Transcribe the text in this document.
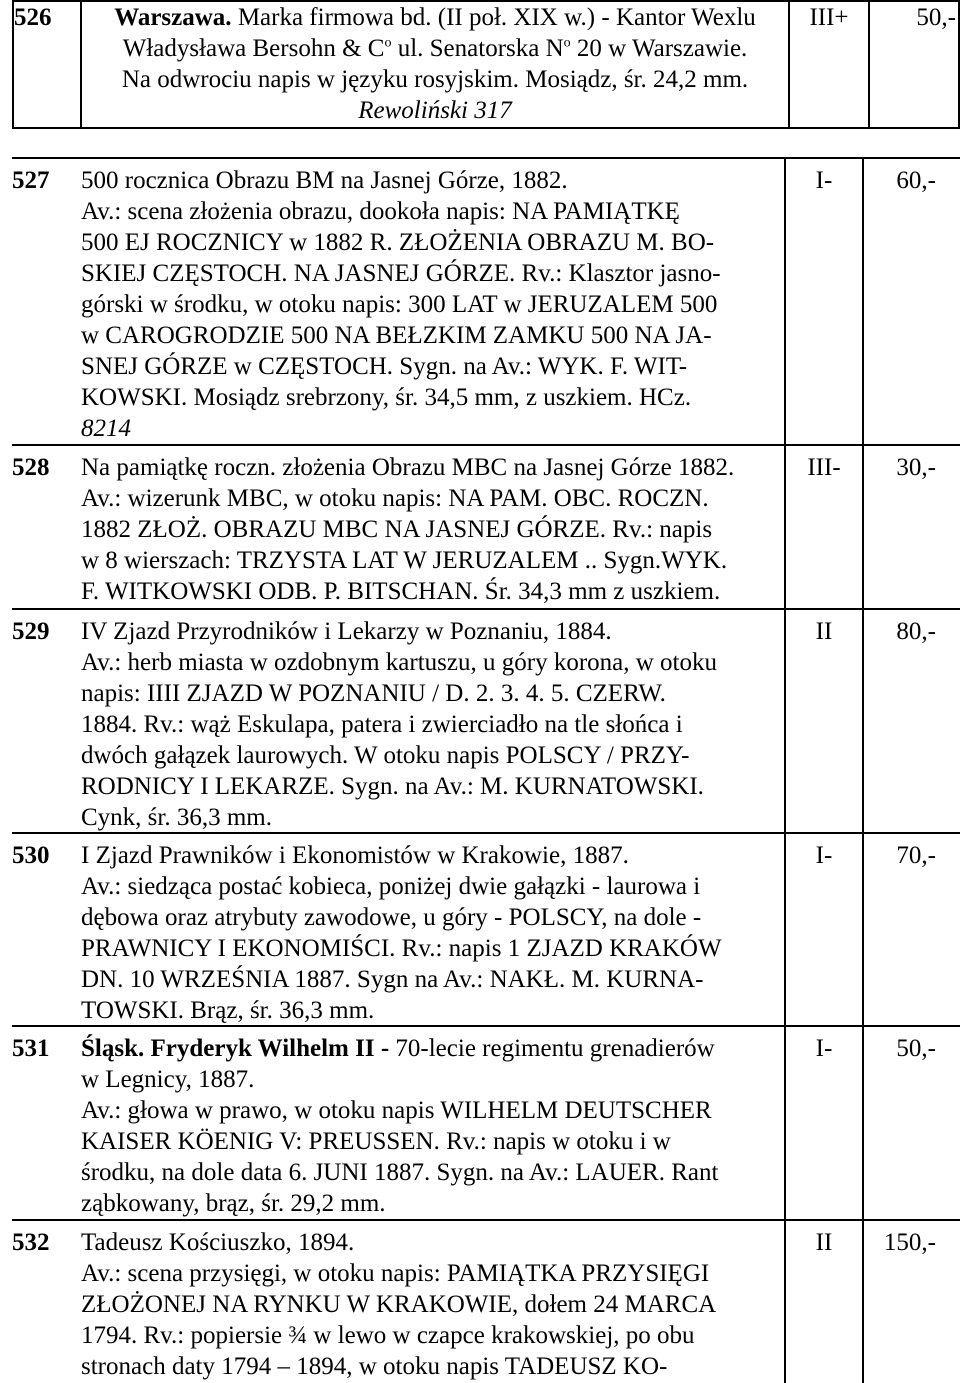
526	Warszawa. Marka firmowa bd. (II poł. XIX w.) - Kantor Wexlu
Władysława Bersohn & $C^o$ ul. Senatorska $N^o$ 20 w Warszawie.
Na odwrociu napis w języku rosyjskim. Mosiądz, śr. 24,2 mm.
Rewoliński 317
	III+	50,-
527	500 rocznica Obrazu BM na Jasnej Górze, 1882.
Av.: scena złożenia obrazu, dookoła napis: NA PAMIĄTKĘ
500 EJ ROCZNICY w 1882 R. ZŁOŻENIA OBRAZU M. BO-
SKIEJ CZĘSTOCH. NA JASNEJ GÓRZE. Rv.: Klasztor jasno-
górski w środku, w otoku napis: 300 LAT w JERUZALEM 500
w CAROGRODZIE 500 NA BEŁZKIM ZAMKU 500 NA JA-
SNEJ GÓRZE w CZĘSTOCH. Sygn. na Av.: WYK. F. WIT-
KOWSKI. Mosiądz srebrzony, śr. 34,5 mm, z uszkiem. HCz.
8214
I-	60,-
528	Na pamiątkę roczn. złożenia Obrazu MBC na Jasnej Górze 1882.
Av.: wizerunk MBC, w otoku napis: NA PAM. OBC. ROCZN.
1882 ZŁOŻ. OBRAZU MBC NA JASNEJ GÓRZE. Rv.: napis
w 8 wierszach: TRZYSTA LAT W JERUZALEM .. Sygn.WYK.
F. WITKOWSKI ODB. P. BITSCHAN. Śr. 34,3 mm z uszkiem.
III-	30,-
529	IV Zjazd Przyrodników i Lekarzy w Poznaniu, 1884.
Av.: herb miasta w ozdobnym kartuszu, u góry korona, w otoku
napis: IIII ZJAZD W POZNANIU / D. 2. 3. 4. 5. CZERW.
1884. Rv.: wąż Eskulapa, patera i zwierciadło na tle słońca i
dwóch gałązek laurowych. W otoku napis POLSCY / PRZY-
RODNICY I LEKARZE. Sygn. na Av.: M. KURNATOWSKI.
Cynk, śr. 36,3 mm.
II	80,-
530	I Zjazd Prawników i Ekonomistów w Krakowie, 1887.
Av.: siedząca postać kobieca, poniżej dwie gałązki - laurowa i
dębowa oraz atrybuty zawodowe, u góry - POLSCY, na dole -
PRAWNICY I EKONOMIŚCI. Rv.: napis 1 ZJAZD KRAKÓW
DN. 10 WRZEŚNIA 1887. Sygn na Av.: NAKŁ. M. KURNA-
TOWSKI. Brąz, śr. 36,3 mm.
I-	70,-
531	Śląsk. Fryderyk Wilhelm II - 70-lecie regimentu grenadierów
w Legnicy, 1887.
Av.: głowa w prawo, w otoku napis WILHELM DEUTSCHER
KAISER KÖENIG V: PREUSSEN. Rv.: napis w otoku i w
środku, na dole data 6. JUNI 1887. Sygn. na Av.: LAUER. Rant
ząbkowany, brąz, śr. 29,2 mm.
I-	50,-
532	Tadeusz Kościuszko, 1894.
Av.: scena przysięgi, w otoku napis: PAMIĄTKA PRZYSIĘGI
ZŁOŻONEJ NA RYNKU W KRAKOWIE, dołem 24 MARCA
1794. Rv.: popiersie ¾ w lewo w czapce krakowskiej, po obu
stronach daty 1794 – 1894, w otoku napis TADEUSZ KO-
II	150,-
